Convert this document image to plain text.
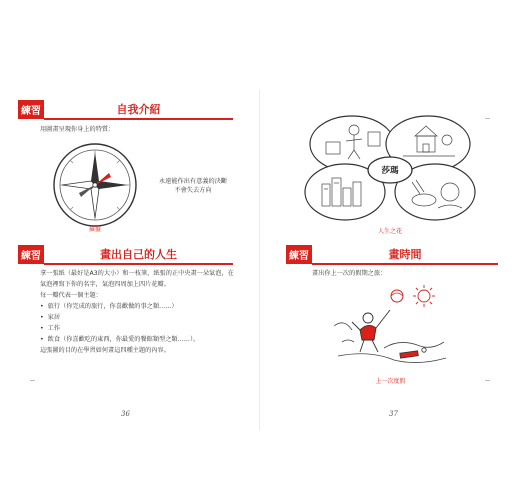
練習	自我介紹
用圖畫呈現你身上的特質：
永遠能作出有意義的決斷
不會失去方向
羅盤
練習	畫出自己的人生
拿一張紙（最好是A3的大小）和一枝筆，紙張的正中央畫一朵氣泡，在
氣泡裡寫下你的名字，氣泡四周加上四片花瓣。
每一瓣代表一個主題：
• 旅行（你完成的旅行，你喜歡做的事之類……）
• 家居
• 工作
• 飲食（你喜歡吃的東西，你最愛的餐館類型之類……）。
這張圖的目的在學習如何畫這四種主題的內容。
36
莎瑪
人生之花
練習	畫時間
畫出你上一次的假期之旅：
上一次度假
37
